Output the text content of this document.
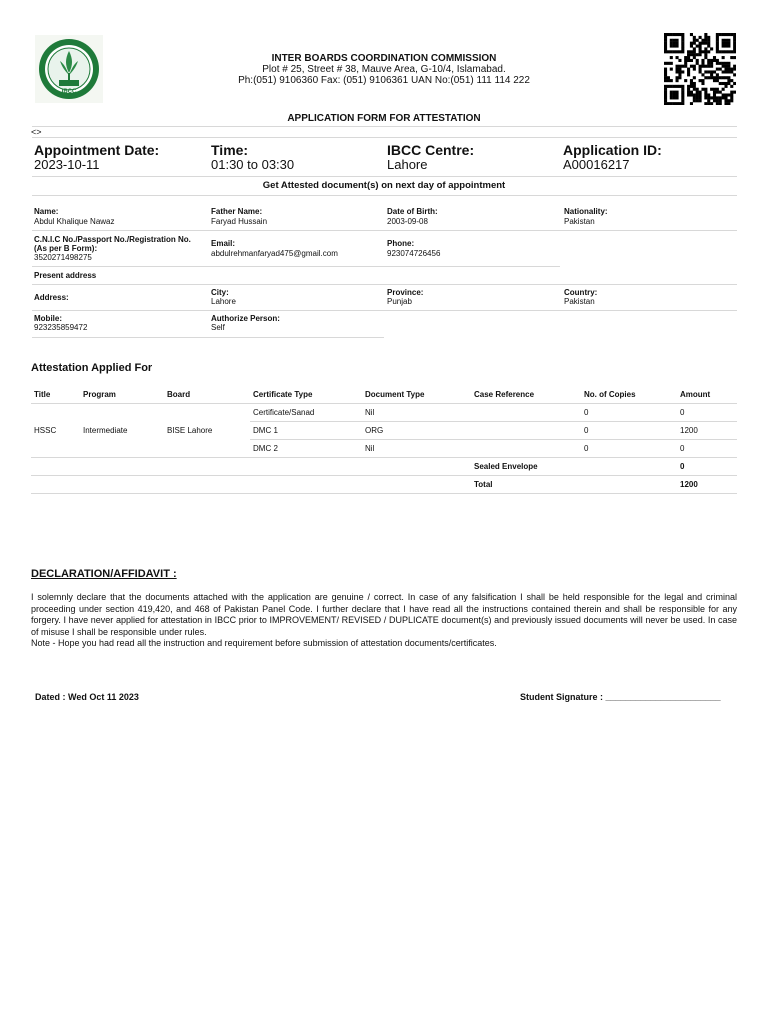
IBCC
INTER BOARDS COORDINATION COMMISSION
Plot # 25, Street # 38, Mauve Area, G-10/4, Islamabad.
Ph:(051) 9106360 Fax: (051) 9106361 UAN No:(051) 111 114 222
APPLICATION FORM FOR ATTESTATION
<>
Appointment Date:
2023-10-11
Time:
01:30 to 03:30
IBCC Centre:
Lahore
Application ID:
A00016217
Get Attested document(s) on next day of appointment
Name:
Abdul Khalique Nawaz
Father Name:
Faryad Hussain
Date of Birth:
2003-09-08
Nationality:
Pakistan
C.N.I.C No./Passport No./Registration No.
(As per B Form):
3520271498275
Email:
abdulrehmanfaryad475@gmail.com
Phone:
923074726456
Present address
Address:
City:
Lahore
Province:
Punjab
Country:
Pakistan
Mobile:
923235859472
Authorize Person:
Self
Attestation Applied For
Title	Program	Board	Certificate Type	Document Type	Case Reference	No. of Copies	Amount
HSSC	Intermediate	BISE Lahore	Certificate/Sanad	Nil		0	0
			DMC 1	ORG		0	1200
			DMC 2	Nil		0	0
					Sealed Envelope		0
					Total		1200
DECLARATION/AFFIDAVIT :
I solemnly declare that the documents attached with the application are genuine / correct. In case of any falsification I shall be held responsible for the legal and criminal proceeding under section 419,420, and 468 of Pakistan Panel Code. I further declare that I have read all the instructions contained therein and shall be responsible for any forgery. I have never applied for attestation in IBCC prior to IMPROVEMENT/ REVISED / DUPLICATE document(s) and previously issued documents will never be used. In case of misuse I shall be responsible under rules.
Note - Hope you had read all the instruction and requirement before submission of attestation documents/certificates.
Dated : Wed Oct 11 2023	Student Signature : _______________________
